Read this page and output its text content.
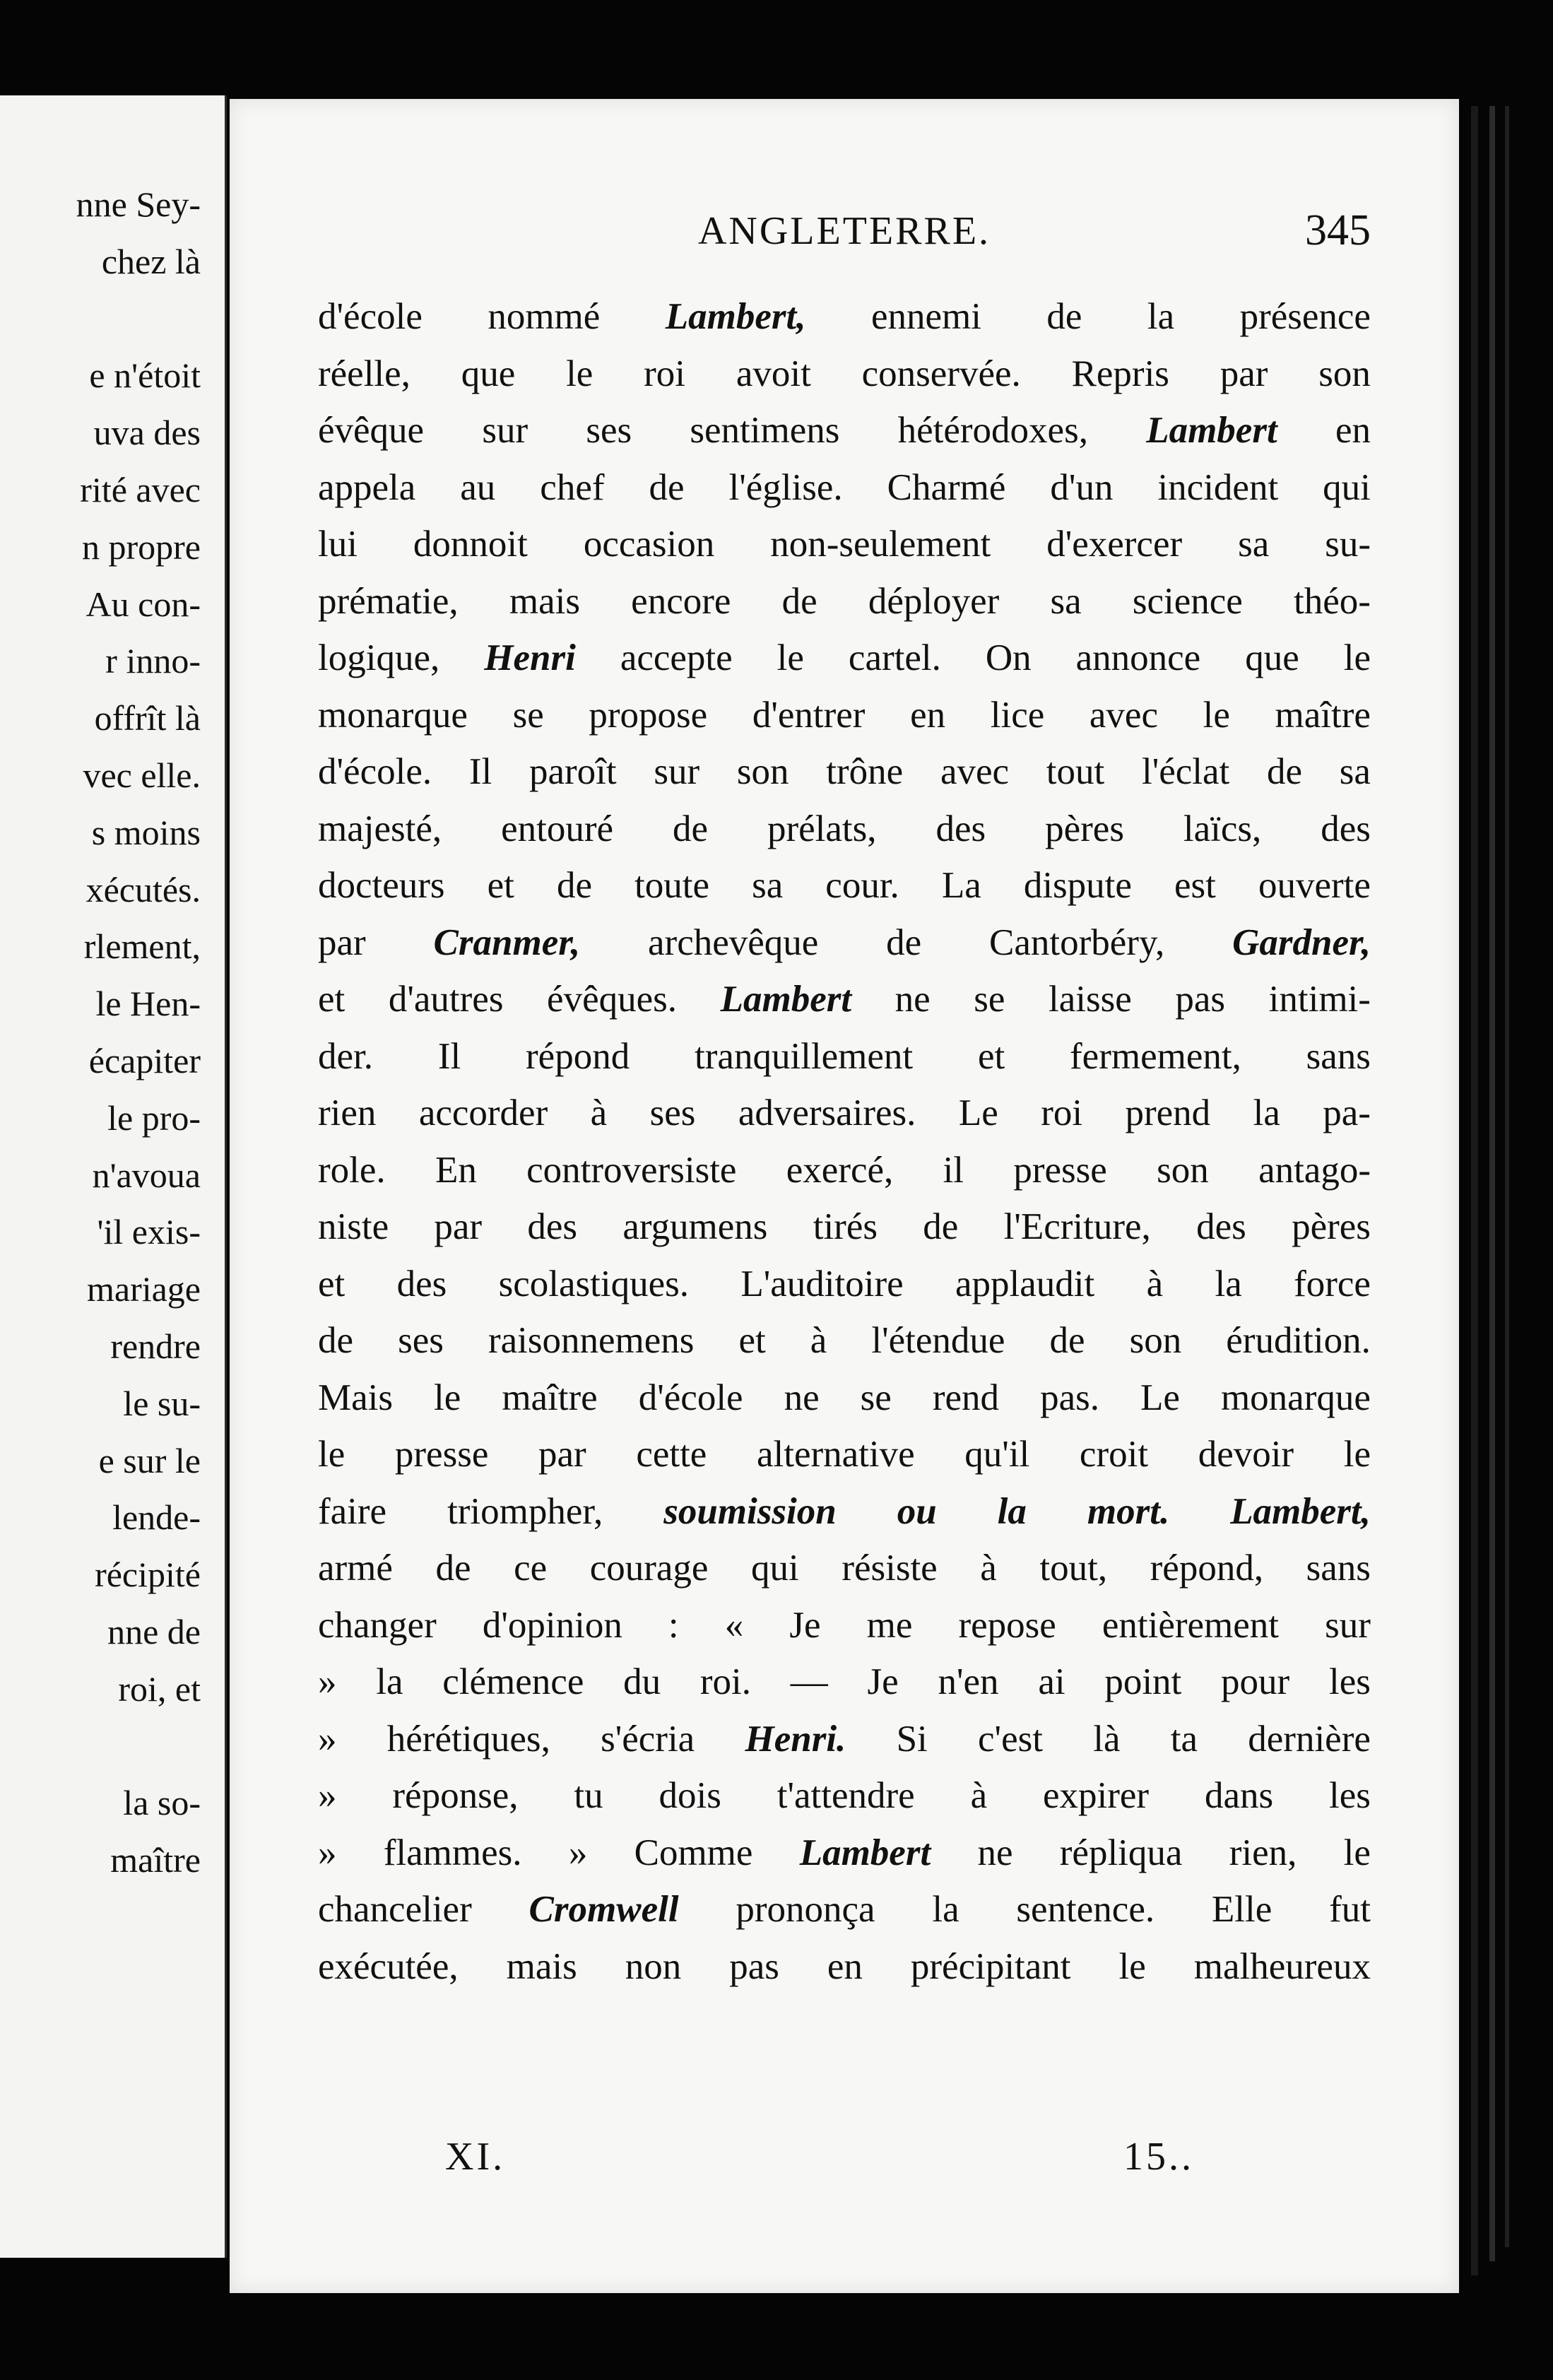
nne Sey-
chez là
e n'étoit
uva des
rité avec
n propre
Au con-
r inno-
offrît là
vec elle.
s moins
xécutés.
rlement,
le Hen-
écapiter
le pro-
n'avoua
'il exis-
mariage
rendre
le su-
e sur le
lende-
récipité
nne de
roi, et
la so-
maître
ANGLETERRE.	345
d'école nommé Lambert, ennemi de la présence
réelle, que le roi avoit conservée. Repris par son
évêque sur ses sentimens hétérodoxes, Lambert en
appela au chef de l'église. Charmé d'un incident qui
lui donnoit occasion non-seulement d'exercer sa su-
prématie, mais encore de déployer sa science théo-
logique, Henri accepte le cartel. On annonce que le
monarque se propose d'entrer en lice avec le maître
d'école. Il paroît sur son trône avec tout l'éclat de sa
majesté, entouré de prélats, des pères laïcs, des
docteurs et de toute sa cour. La dispute est ouverte
par Cranmer, archevêque de Cantorbéry, Gardner,
et d'autres évêques. Lambert ne se laisse pas intimi-
der. Il répond tranquillement et fermement, sans
rien accorder à ses adversaires. Le roi prend la pa-
role. En controversiste exercé, il presse son antago-
niste par des argumens tirés de l'Ecriture, des pères
et des scolastiques. L'auditoire applaudit à la force
de ses raisonnemens et à l'étendue de son érudition.
Mais le maître d'école ne se rend pas. Le monarque
le presse par cette alternative qu'il croit devoir le
faire triompher, soumission ou la mort. Lambert,
armé de ce courage qui résiste à tout, répond, sans
changer d'opinion : « Je me repose entièrement sur
» la clémence du roi. — Je n'en ai point pour les
» hérétiques, s'écria Henri. Si c'est là ta dernière
» réponse, tu dois t'attendre à expirer dans les
» flammes. » Comme Lambert ne répliqua rien, le
chancelier Cromwell prononça la sentence. Elle fut
exécutée, mais non pas en précipitant le malheureux
XI.	15..
